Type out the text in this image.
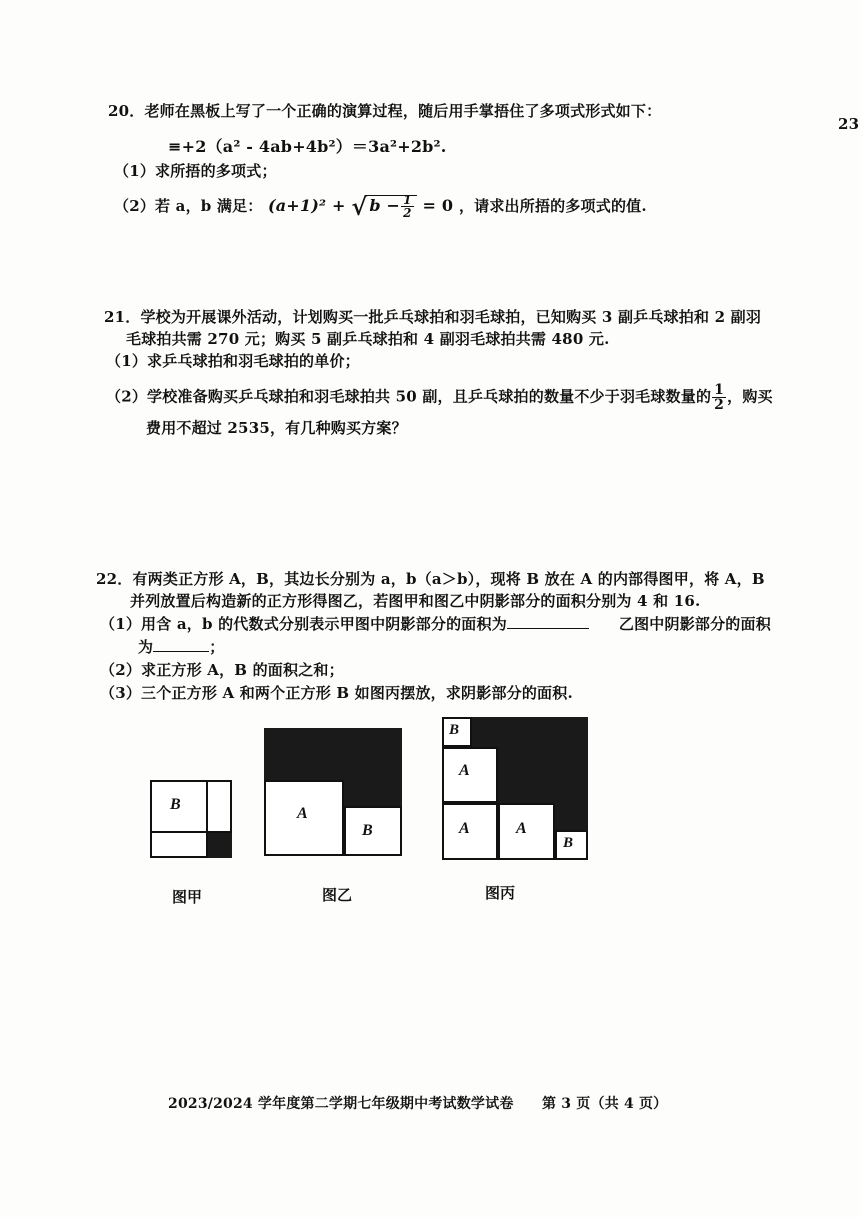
23
20．老师在黑板上写了一个正确的演算过程，随后用手掌捂住了多项式形式如下：
≡+2（a² - 4ab+4b²）＝3a²+2b².
（1）求所捂的多项式；
（2）若 a，b 满足： (a+1)² + √ $b - \frac{1}{2} = 0$ ，请求出所捂的多项式的值.
21．学校为开展课外活动，计划购买一批乒乓球拍和羽毛球拍，已知购买 3 副乒乓球拍和 2 副羽
毛球拍共需 270 元；购买 5 副乒乓球拍和 4 副羽毛球拍共需 480 元.
（1）求乒乓球拍和羽毛球拍的单价；
（2）学校准备购买乒乓球拍和羽毛球拍共 50 副，且乒乓球拍的数量不少于羽毛球数量的 $\frac{1}{2}$ ，购买
费用不超过 2535，有几种购买方案？
22．有两类正方形 A，B，其边长分别为 a，b（a＞b），现将 B 放在 A 的内部得图甲，将 A，B
并列放置后构造新的正方形得图乙，若图甲和图乙中阴影部分的面积分别为 4 和 16.
（1）用含 a，b 的代数式分别表示甲图中阴影部分的面积为	乙图中阴影部分的面积
为	；
（2）求正方形 A，B 的面积之和；
（3）三个正方形 A 和两个正方形 B 如图丙摆放，求阴影部分的面积.
B
图甲
A
B
图乙
B
A
A	A
B
图丙
2023/2024 学年度第二学期七年级期中考试数学试卷 第 3 页（共 4 页）
